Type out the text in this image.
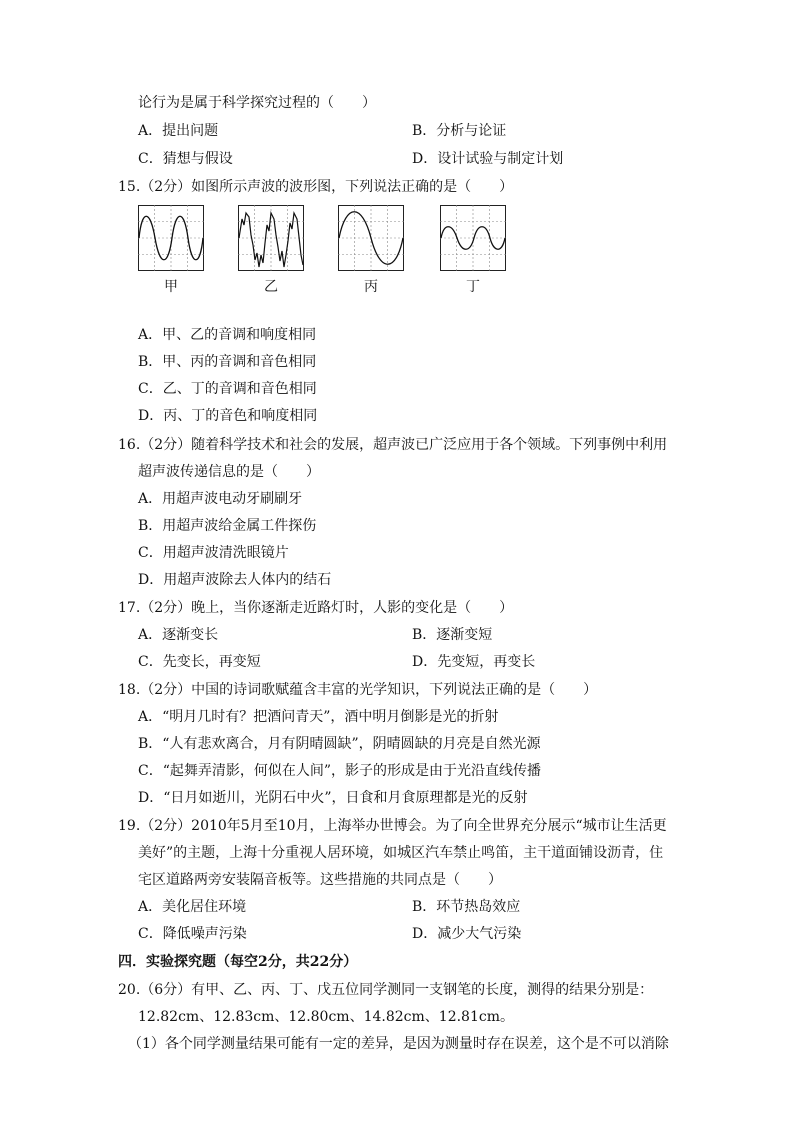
论行为是属于科学探究过程的（　　）
A．提出问题	B．分析与论证
C．猜想与假设	D．设计试验与制定计划
15.（2分）如图所示声波的波形图，下列说法正确的是（　　）
甲	乙	丙	丁
A．甲、乙的音调和响度相同
B．甲、丙的音调和音色相同
C．乙、丁的音调和音色相同
D．丙、丁的音色和响度相同
16.（2分）随着科学技术和社会的发展，超声波已广泛应用于各个领域。下列事例中利用
超声波传递信息的是（　　）
A．用超声波电动牙刷刷牙
B．用超声波给金属工件探伤
C．用超声波清洗眼镜片
D．用超声波除去人体内的结石
17.（2分）晚上，当你逐渐走近路灯时，人影的变化是（　　）
A．逐渐变长	B．逐渐变短
C．先变长，再变短	D．先变短，再变长
18.（2分）中国的诗词歌赋蕴含丰富的光学知识，下列说法正确的是（　　）
A．“明月几时有？把酒问青天”，酒中明月倒影是光的折射
B．“人有悲欢离合，月有阴晴圆缺”，阴晴圆缺的月亮是自然光源
C．“起舞弄清影，何似在人间”，影子的形成是由于光沿直线传播
D．“日月如逝川，光阴石中火”，日食和月食原理都是光的反射
19.（2分）2010年5月至10月，上海举办世博会。为了向全世界充分展示“城市让生活更
美好”的主题，上海十分重视人居环境，如城区汽车禁止鸣笛，主干道面铺设沥青，住
宅区道路两旁安装隔音板等。这些措施的共同点是（　　）
A．美化居住环境	B．环节热岛效应
C．降低噪声污染	D．减少大气污染
四．实验探究题（每空2分，共22分）
20.（6分）有甲、乙、丙、丁、戊五位同学测同一支钢笔的长度，测得的结果分别是：
12.82cm、12.83cm、12.80cm、14.82cm、12.81cm。
（1）各个同学测量结果可能有一定的差异，是因为测量时存在误差，这个是不可以消除
